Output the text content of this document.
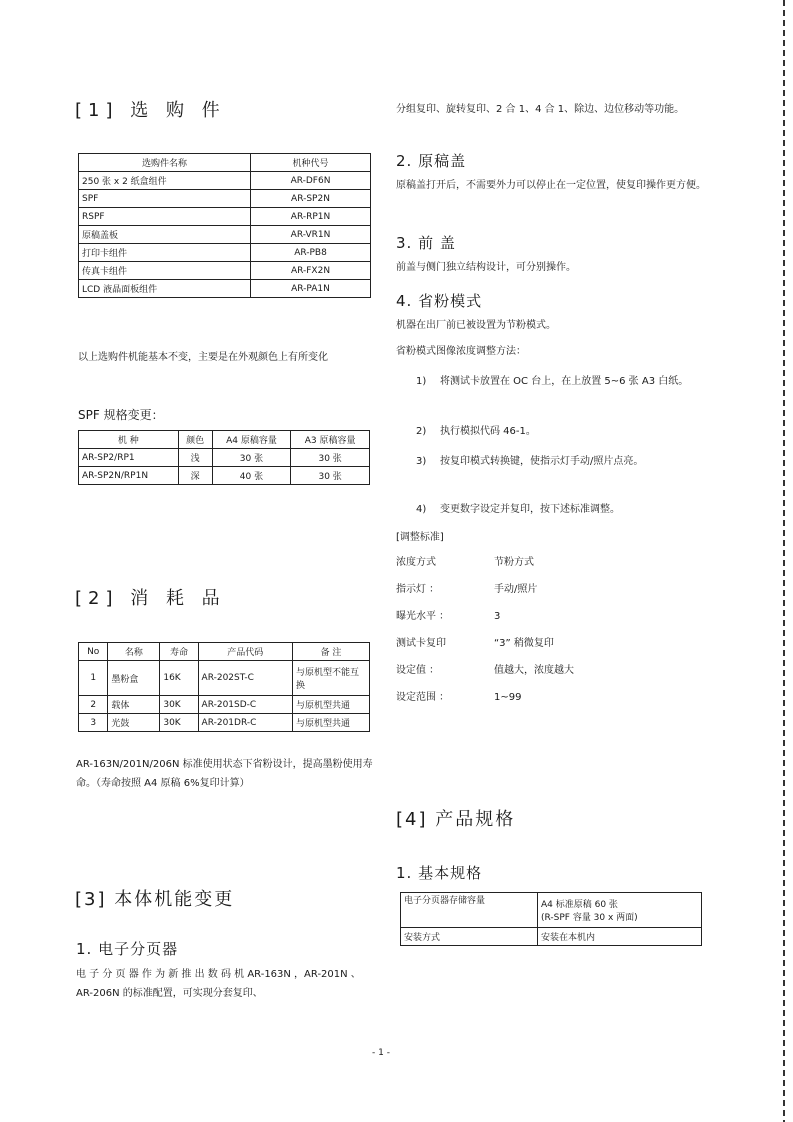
[1] 选 购 件
选购件名称	机种代号
250 张 x 2 纸盒组件	AR-DF6N
SPF	AR-SP2N
RSPF	AR-RP1N
原稿盖板	AR-VR1N
打印卡组件	AR-PB8
传真卡组件	AR-FX2N
LCD 液晶面板组件	AR-PA1N
以上选购件机能基本不变，主要是在外观颜色上有所变化
SPF 规格变更：
机 种	颜色	A4 原稿容量	A3 原稿容量
AR-SP2/RP1	浅	30 张	30 张
AR-SP2N/RP1N	深	40 张	30 张
[2] 消 耗 品
No	名称	寿命	产品代码	备 注
1	墨粉盒	16K	AR-202ST-C	与原机型不能互换
2	载体	30K	AR-201SD-C	与原机型共通
3	光鼓	30K	AR-201DR-C	与原机型共通
AR-163N/201N/206N 标准使用状态下省粉设计，提高墨粉使用寿命。（寿命按照 A4 原稿 6%复印计算）
[3] 本体机能变更
1. 电子分页器
电 子 分 页 器 作 为 新 推 出 数 码 机 AR-163N ，AR-201N 、AR-206N 的标准配置，可实现分套复印、
分组复印、旋转复印、2 合 1、4 合 1、除边、边位移动等功能。
2. 原稿盖
原稿盖打开后，不需要外力可以停止在一定位置，使复印操作更方便。
3. 前 盖
前盖与侧门独立结构设计，可分别操作。
4. 省粉模式
机器在出厂前已被设置为节粉模式。
省粉模式图像浓度调整方法：
1) 将测试卡放置在 OC 台上，在上放置 5~6 张 A3 白纸。
2) 执行模拟代码 46-1。
3) 按复印模式转换键，使指示灯手动/照片点亮。
4) 变更数字设定并复印，按下述标准调整。
[调整标准]
浓度方式	节粉方式
指示灯 ：	手动/照片
曝光水平 ：	3
测试卡复印	“3” 稍微复印
设定值 ：	值越大，浓度越大
设定范围 ：	1~99
[4] 产品规格
1. 基本规格
电子分页器存储容量	A4 标准原稿 60 张
(R-SPF 容量 30 x 两面)

安装方式	安装在本机内
- 1 -
